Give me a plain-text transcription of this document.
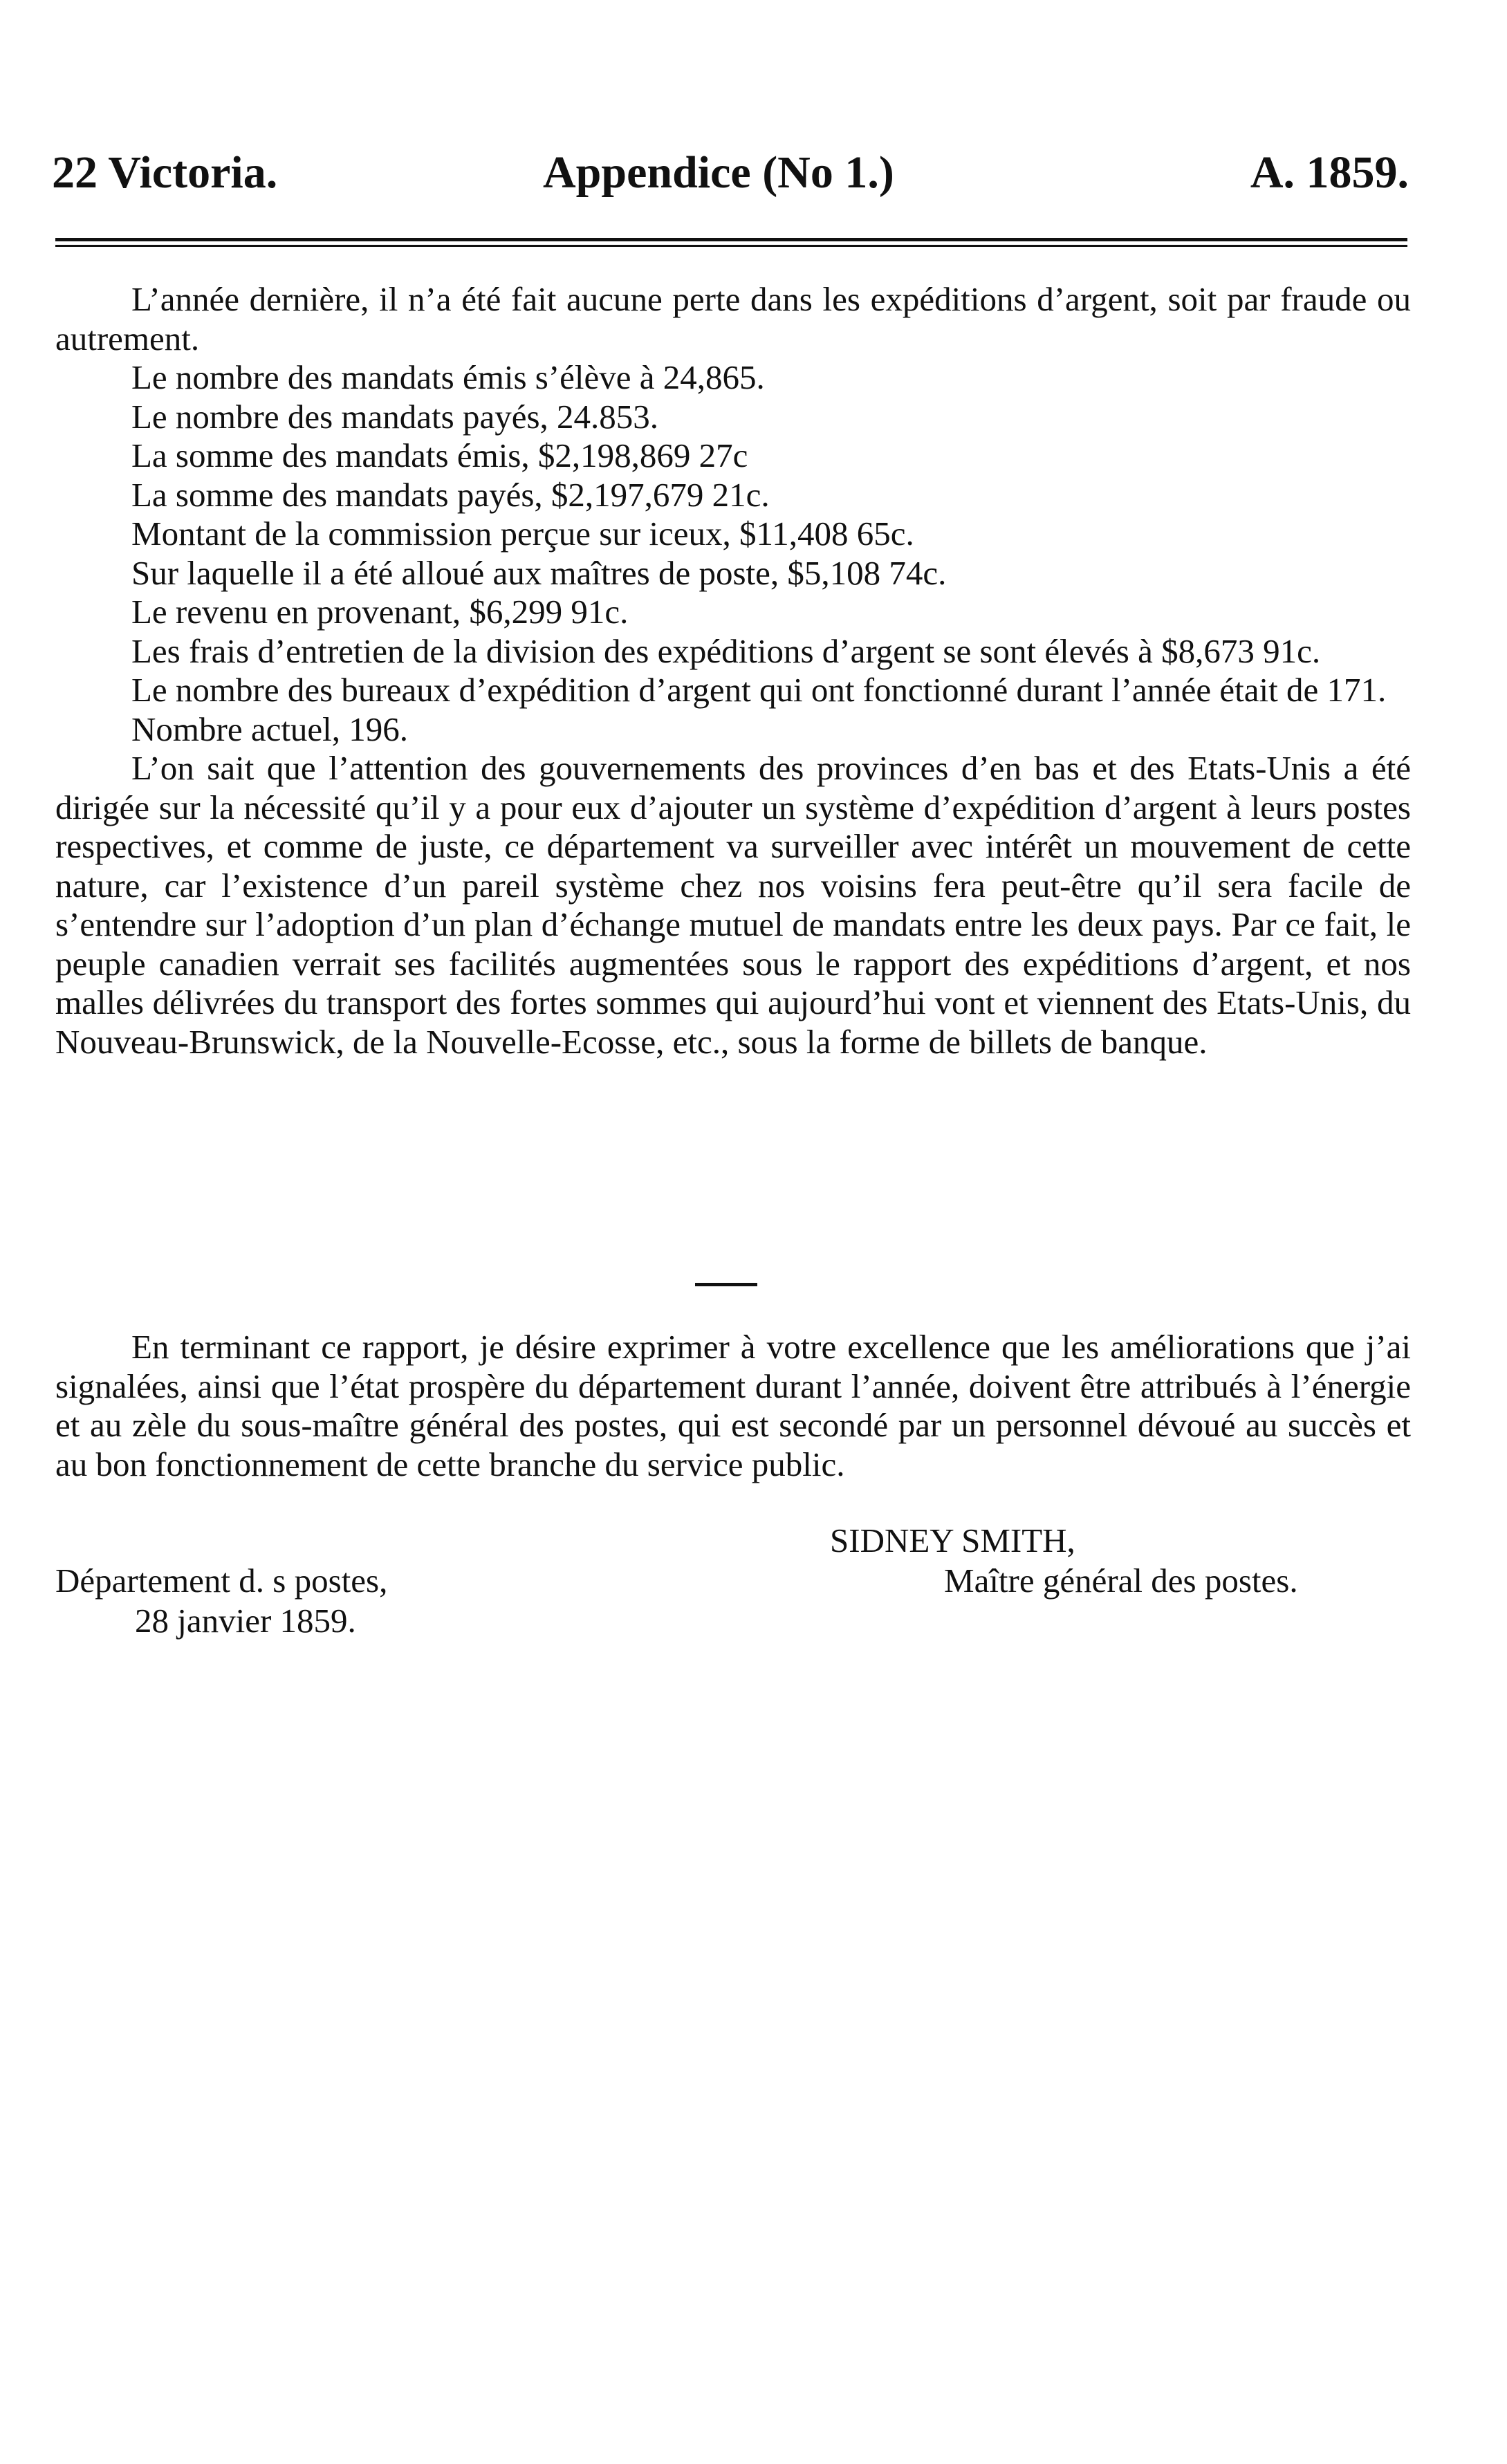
22 Victoria.	Appendice (No 1.)	A. 1859.

L’année dernière, il n’a été fait aucune perte dans les expéditions d’argent, soit par fraude ou autrement.

Le nombre des mandats émis s’élève à 24,865.

Le nombre des mandats payés, 24.853.

La somme des mandats émis, $2,198,869 27c

La somme des mandats payés, $2,197,679 21c.

Montant de la commission perçue sur iceux, $11,408 65c.

Sur laquelle il a été alloué aux maîtres de poste, $5,108 74c.

Le revenu en provenant, $6,299 91c.

Les frais d’entretien de la division des expéditions d’argent se sont élevés à $8,673 91c.

Le nombre des bureaux d’expédition d’argent qui ont fonctionné durant l’année était de 171.

Nombre actuel, 196.

L’on sait que l’attention des gouvernements des provinces d’en bas et des Etats-Unis a été dirigée sur la nécessité qu’il y a pour eux d’ajouter un système d’expédition d’argent à leurs postes respectives, et comme de juste, ce département va surveiller avec intérêt un mouvement de cette nature, car l’existence d’un pareil système chez nos voisins fera peut-être qu’il sera facile de s’entendre sur l’adoption d’un plan d’échange mutuel de mandats entre les deux pays. Par ce fait, le peuple canadien verrait ses facilités augmentées sous le rapport des expéditions d’argent, et nos malles délivrées du transport des fortes sommes qui aujourd’hui vont et viennent des Etats-Unis, du Nouveau-Brunswick, de la Nouvelle-Ecosse, etc., sous la forme de billets de banque.

En terminant ce rapport, je désire exprimer à votre excellence que les améliorations que j’ai signalées, ainsi que l’état prospère du département durant l’année, doivent être attribués à l’énergie et au zèle du sous-maître général des postes, qui est secondé par un personnel dévoué au succès et au bon fonctionnement de cette branche du service public.

SIDNEY SMITH,
Maître général des postes.
Département d. s postes,
28 janvier 1859.
